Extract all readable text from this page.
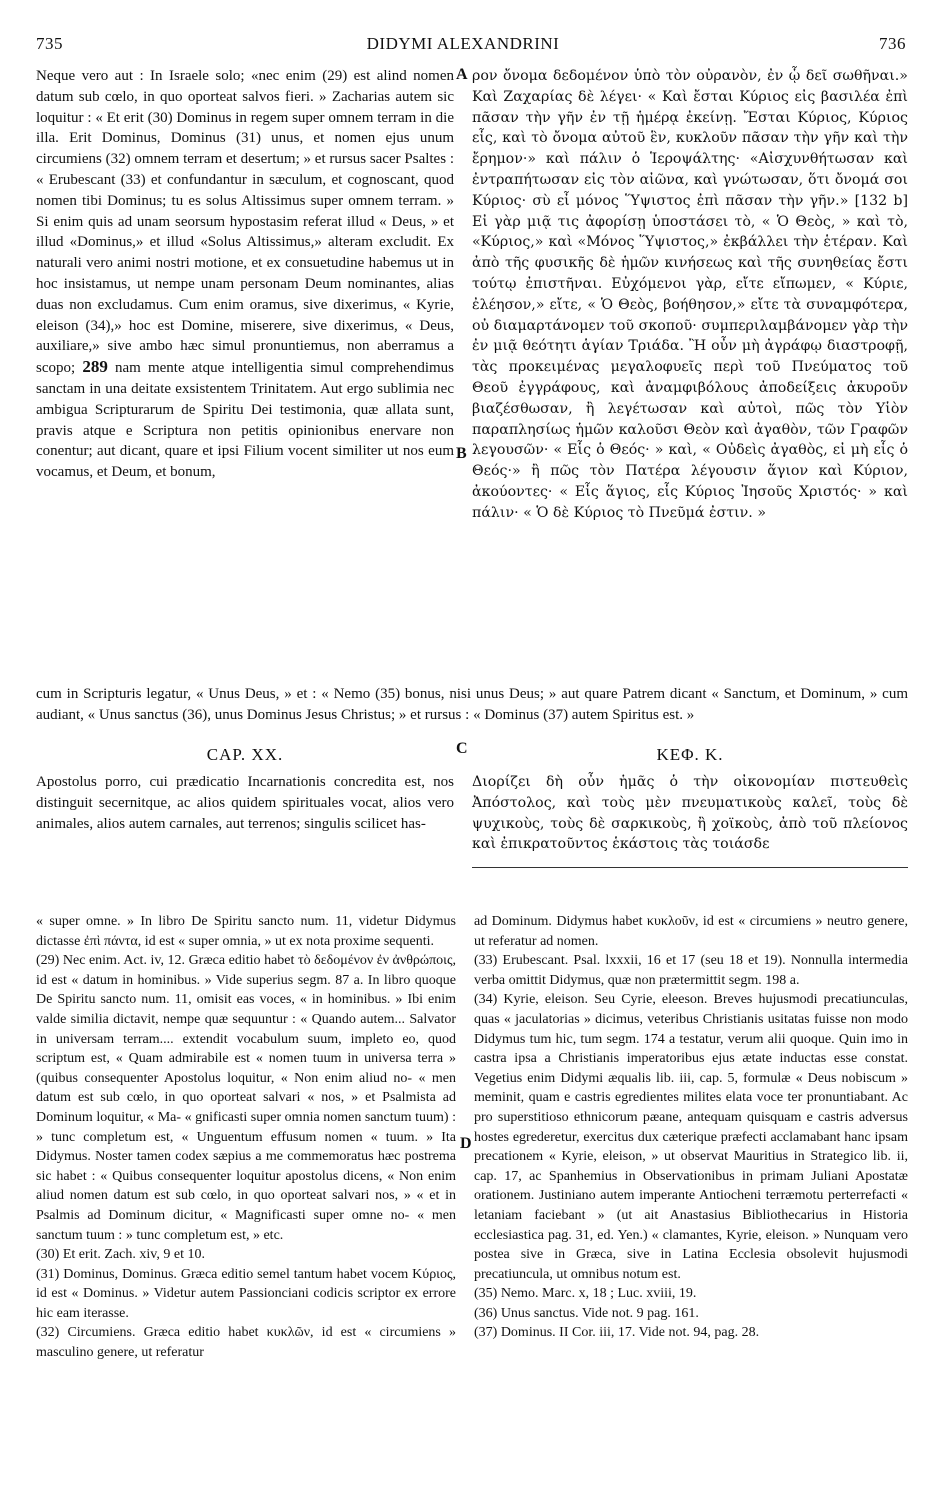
735	DIDYMI ALEXANDRINI	736
A
B
C
D
Neque vero aut : In Israele solo; «nec enim (29) est alind nomen datum sub cœlo, in quo oporteat salvos fieri. » Zacharias autem sic loquitur : « Et erit (30) Dominus in regem super omnem terram in die illa. Erit Dominus, Dominus (31) unus, et nomen ejus unum circumiens (32) omnem terram et desertum; » et rursus sacer Psaltes : « Erubescant (33) et confundantur in sæculum, et cognoscant, quod nomen tibi Dominus; tu es solus Altissimus super omnem terram. » Si enim quis ad unam seorsum hypostasim referat illud « Deus, » et illud «Dominus,» et illud «Solus Altissimus,» alteram excludit. Ex naturali vero animi nostri motione, et ex consuetudine habemus ut in hoc insistamus, ut nempe unam personam Deum nominantes, alias duas non excludamus. Cum enim oramus, sive dixerimus, « Kyrie, eleison (34),» hoc est Domine, miserere, sive dixerimus, « Deus, auxiliare,» sive ambo hæc simul pronuntiemus, non aberramus a scopo; 289 nam mente atque intelligentia simul comprehendimus sanctam in una deitate exsistentem Trinitatem. Aut ergo sublimia nec ambigua Scripturarum de Spiritu Dei testimonia, quæ allata sunt, pravis atque e Scriptura non petitis opinionibus enervare non conentur; aut dicant, quare et ipsi Filium vocent similiter ut nos eum vocamus, et Deum, et bonum,
ρον ὄνομα δεδομένον ὑπὸ τὸν οὐρανὸν, ἐν ᾧ δεῖ σωθῆναι.» Καὶ Ζαχαρίας δὲ λέγει· « Καὶ ἔσται Κύριος εἰς βασιλέα ἐπὶ πᾶσαν τὴν γῆν ἐν τῇ ἡμέρᾳ ἐκείνῃ. Ἔσται Κύριος, Κύριος εἷς, καὶ τὸ ὄνομα αὐτοῦ ἓν, κυκλοῦν πᾶσαν τὴν γῆν καὶ τὴν ἔρημον·» καὶ πάλιν ὁ Ἱεροψάλτης· «Αἰσχυνθήτωσαν καὶ ἐντραπήτωσαν εἰς τὸν αἰῶνα, καὶ γνώτωσαν, ὅτι ὄνομά σοι Κύριος· σὺ εἶ μόνος Ὕψιστος ἐπὶ πᾶσαν τὴν γῆν.» [132 b] Εἰ γὰρ μιᾷ τις ἀφορίσῃ ὑποστάσει τὸ, « Ὁ Θεὸς, » καὶ τὸ, «Κύριος,» καὶ «Μόνος Ὕψιστος,» ἐκβάλλει τὴν ἑτέραν. Καὶ ἀπὸ τῆς φυσικῆς δὲ ἡμῶν κινήσεως καὶ τῆς συνηθείας ἔστι τούτῳ ἐπιστῆναι. Εὐχόμενοι γὰρ, εἴτε εἴπωμεν, « Κύριε, ἐλέησον,» εἴτε, « Ὁ Θεὸς, βοήθησον,» εἴτε τὰ συναμφότερα, οὐ διαμαρτάνομεν τοῦ σκοποῦ· συμπεριλαμβάνομεν γὰρ τὴν ἐν μιᾷ θεότητι ἁγίαν Τριάδα. Ἢ οὖν μὴ ἀγράφῳ διαστροφῇ, τὰς προκειμένας μεγαλοφυεῖς περὶ τοῦ Πνεύματος τοῦ Θεοῦ ἐγγράφους, καὶ ἀναμφιβόλους ἀποδείξεις ἀκυροῦν βιαζέσθωσαν, ἢ λεγέτωσαν καὶ αὐτοὶ, πῶς τὸν Υἱὸν παραπλησίως ἡμῶν καλοῦσι Θεὸν καὶ ἀγαθὸν, τῶν Γραφῶν λεγουσῶν· « Εἷς ὁ Θεός· » καὶ, « Οὐδεὶς ἀγαθὸς, εἰ μὴ εἷς ὁ Θεός·» ἢ πῶς τὸν Πατέρα λέγουσιν ἅγιον καὶ Κύριον, ἀκούοντες· « Εἷς ἅγιος, εἷς Κύριος Ἰησοῦς Χριστός· » καὶ πάλιν· « Ὁ δὲ Κύριος τὸ Πνεῦμά ἐστιν. »
cum in Scripturis legatur, « Unus Deus, » et : « Nemo (35) bonus, nisi unus Deus; » aut quare Patrem dicant « Sanctum, et Dominum, » cum audiant, « Unus sanctus (36), unus Dominus Jesus Christus; » et rursus : « Dominus (37) autem Spiritus est. »
CAP. XX.	ΚΕΦ. Κ.
Apostolus porro, cui prædicatio Incarnationis concredita est, nos distinguit secernitque, ac alios quidem spirituales vocat, alios vero animales, alios autem carnales, aut terrenos; singulis scilicet has-
Διορίζει δὴ οὖν ἡμᾶς ὁ τὴν οἰκονομίαν πιστευθεὶς Ἀπόστολος, καὶ τοὺς μὲν πνευματικοὺς καλεῖ, τοὺς δὲ ψυχικοὺς, τοὺς δὲ σαρκικοὺς, ἢ χοϊκοὺς, ἀπὸ τοῦ πλείονος καὶ ἐπικρατοῦντος ἑκάστοις τὰς τοιάσδε

« super omne. » In libro De Spiritu sancto num. 11, videtur Didymus dictasse ἐπὶ πάντα, id est « super omnia, » ut ex nota proxime sequenti.

(29) Nec enim. Act. iv, 12. Græca editio habet τὸ δεδομένον ἐν ἀνθρώποις, id est « datum in hominibus. » Vide superius segm. 87 a. In libro quoque De Spiritu sancto num. 11, omisit eas voces, « in hominibus. » Ibi enim valde similia dictavit, nempe quæ sequuntur : « Quando autem... Salvator in universam terram.... extendit vocabulum suum, impleto eo, quod scriptum est, « Quam admirabile est « nomen tuum in universa terra » (quibus consequenter Apostolus loquitur, « Non enim aliud no- « men datum est sub cœlo, in quo oporteat salvari « nos, » et Psalmista ad Dominum loquitur, « Ma- « gnificasti super omnia nomen sanctum tuum) : » tunc completum est, « Unguentum effusum nomen « tuum. » Ita Didymus. Noster tamen codex sæpius a me commemoratus hæc postrema sic habet : « Quibus consequenter loquitur apostolus dicens, « Non enim aliud nomen datum est sub cœlo, in quo oporteat salvari nos, » « et in Psalmis ad Dominum dicitur, « Magnificasti super omne no- « men sanctum tuum : » tunc completum est, » etc.

(30) Et erit. Zach. xiv, 9 et 10.

(31) Dominus, Dominus. Græca editio semel tantum habet vocem Κύριος, id est « Dominus. » Videtur autem Passionciani codicis scriptor ex errore hic eam iterasse.

(32) Circumiens. Græca editio habet κυκλῶν, id est « circumiens » masculino genere, ut referatur

ad Dominum. Didymus habet κυκλοῦν, id est « circumiens » neutro genere, ut referatur ad nomen.

(33) Erubescant. Psal. lxxxii, 16 et 17 (seu 18 et 19). Nonnulla intermedia verba omittit Didymus, quæ non prætermittit segm. 198 a.

(34) Kyrie, eleison. Seu Cyrie, eleeson. Breves hujusmodi precatiunculas, quas « jaculatorias » dicimus, veteribus Christianis usitatas fuisse non modo Didymus tum hic, tum segm. 174 a testatur, verum alii quoque. Quin imo in castra ipsa a Christianis imperatoribus ejus ætate inductas esse constat. Vegetius enim Didymi æqualis lib. iii, cap. 5, formulæ « Deus nobiscum » meminit, quam e castris egredientes milites elata voce ter pronuntiabant. Ac pro superstitioso ethnicorum pæane, antequam quisquam e castris adversus hostes egrederetur, exercitus dux cæterique præfecti acclamabant hanc ipsam precationem « Kyrie, eleison, » ut observat Mauritius in Strategico lib. ii, cap. 17, ac Spanhemius in Observationibus in primam Juliani Apostatæ orationem. Justiniano autem imperante Antiocheni terræmotu perterrefacti « letaniam faciebant » (ut ait Anastasius Bibliothecarius in Historia ecclesiastica pag. 31, ed. Yen.) « clamantes, Kyrie, eleison. » Nunquam vero postea sive in Græca, sive in Latina Ecclesia obsolevit hujusmodi precatiuncula, ut omnibus notum est.

(35) Nemo. Marc. x, 18 ; Luc. xviii, 19.

(36) Unus sanctus. Vide not. 9 pag. 161.

(37) Dominus. II Cor. iii, 17. Vide not. 94, pag. 28.
